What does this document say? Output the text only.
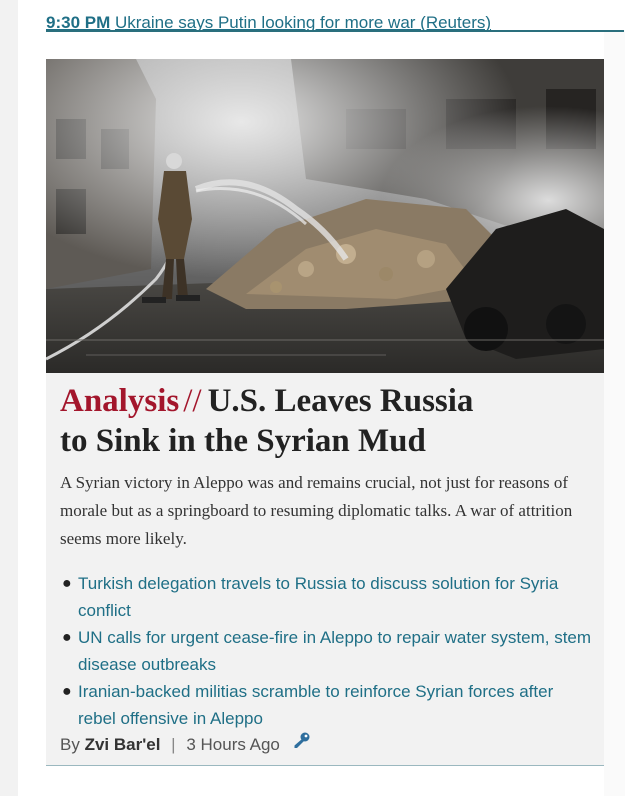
9:30 PM Ukraine says Putin looking for more war (Reuters)
Analysis // U.S. Leaves Russia
to Sink in the Syrian Mud

A Syrian victory in Aleppo was and remains crucial, not just for reasons of morale but as a springboard to resuming diplomatic talks. A war of attrition seems more likely.

● Turkish delegation travels to Russia to discuss solution for Syria conflict
● UN calls for urgent cease-fire in Aleppo to repair water system, stem disease outbreaks
● Iranian-backed militias scramble to reinforce Syrian forces after rebel offensive in Aleppo
By Zvi Bar'el | 3 Hours Ago
